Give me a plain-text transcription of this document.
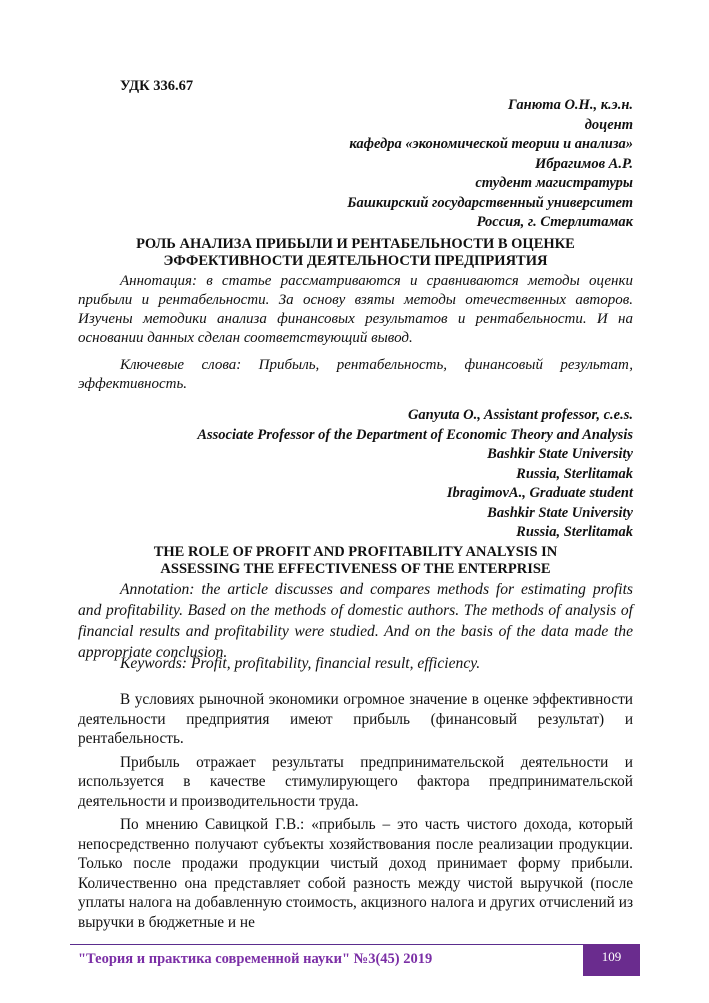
УДК 336.67
Ганюта О.Н., к.э.н.
доцент
кафедра «экономической теории и анализа»
Ибрагимов А.Р.
студент магистратуры
Башкирский государственный университет
Россия, г. Стерлитамак
РОЛЬ АНАЛИЗА ПРИБЫЛИ И РЕНТАБЕЛЬНОСТИ В ОЦЕНКЕ
ЭФФЕКТИВНОСТИ ДЕЯТЕЛЬНОСТИ ПРЕДПРИЯТИЯ
Аннотация: в статье рассматриваются и сравниваются методы оценки прибыли и рентабельности. За основу взяты методы отечественных авторов. Изучены методики анализа финансовых результатов и рентабельности. И на основании данных сделан соответствующий вывод.
Ключевые слова: Прибыль, рентабельность, финансовый результат, эффективность.
Ganyuta O., Assistant professor, c.e.s.
Associate Professor of the Department of Economic Theory and Analysis
Bashkir State University
Russia, Sterlitamak
IbragimovA., Graduate student
Bashkir State University
Russia, Sterlitamak
THE ROLE OF PROFIT AND PROFITABILITY ANALYSIS IN
ASSESSING THE EFFECTIVENESS OF THE ENTERPRISE
Annotation: the article discusses and compares methods for estimating profits and profitability. Based on the methods of domestic authors. The methods of analysis of financial results and profitability were studied. And on the basis of the data made the appropriate conclusion.
Keywords: Profit, profitability, financial result, efficiency.

В условиях рыночной экономики огромное значение в оценке эффективности деятельности предприятия имеют прибыль (финансовый результат) и рентабельность.

Прибыль отражает результаты предпринимательской деятельности и используется в качестве стимулирующего фактора предпринимательской деятельности и производительности труда.

По мнению Савицкой Г.В.: «прибыль – это часть чистого дохода, который непосредственно получают субъекты хозяйствования после реализации продукции. Только после продажи продукции чистый доход принимает форму прибыли. Количественно она представляет собой разность между чистой выручкой (после уплаты налога на добавленную стоимость, акцизного налога и других отчислений из выручки в бюджетные и не

"Теория и практика современной науки" №3(45) 2019	109
